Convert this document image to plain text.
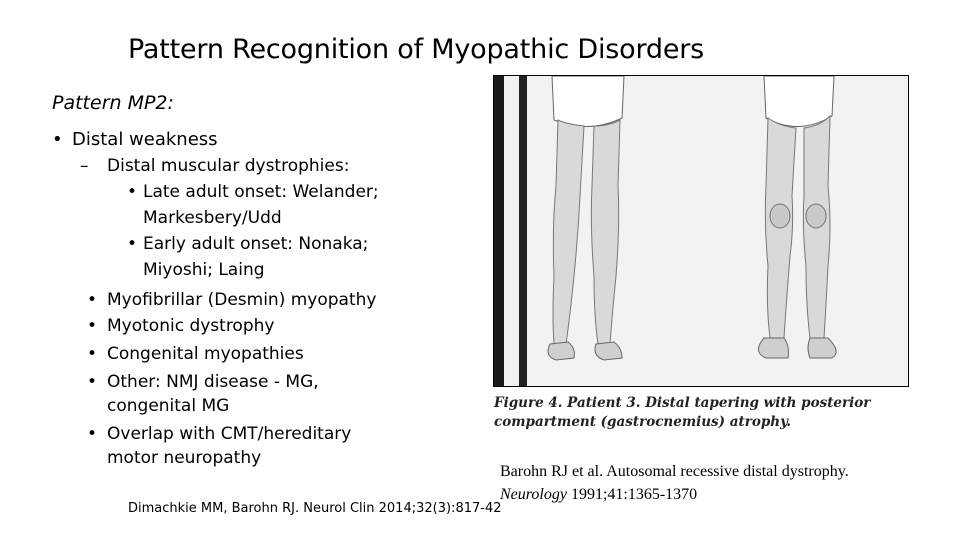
Pattern Recognition of Myopathic Disorders
Pattern MP2:
• Distal weakness
– Distal muscular dystrophies:
• Late adult onset: Welander;
Markesbery/Udd
• Early adult onset: Nonaka;
Miyoshi; Laing
• Myofibrillar (Desmin) myopathy
• Myotonic dystrophy
• Congenital myopathies
• Other: NMJ disease - MG,
congenital MG
• Overlap with CMT/hereditary
motor neuropathy
Figure 4. Patient 3. Distal tapering with posterior
compartment (gastrocnemius) atrophy.
Barohn RJ et al. Autosomal recessive distal dystrophy.
Neurology 1991;41:1365-1370
Dimachkie MM, Barohn RJ. Neurol Clin 2014;32(3):817-42
